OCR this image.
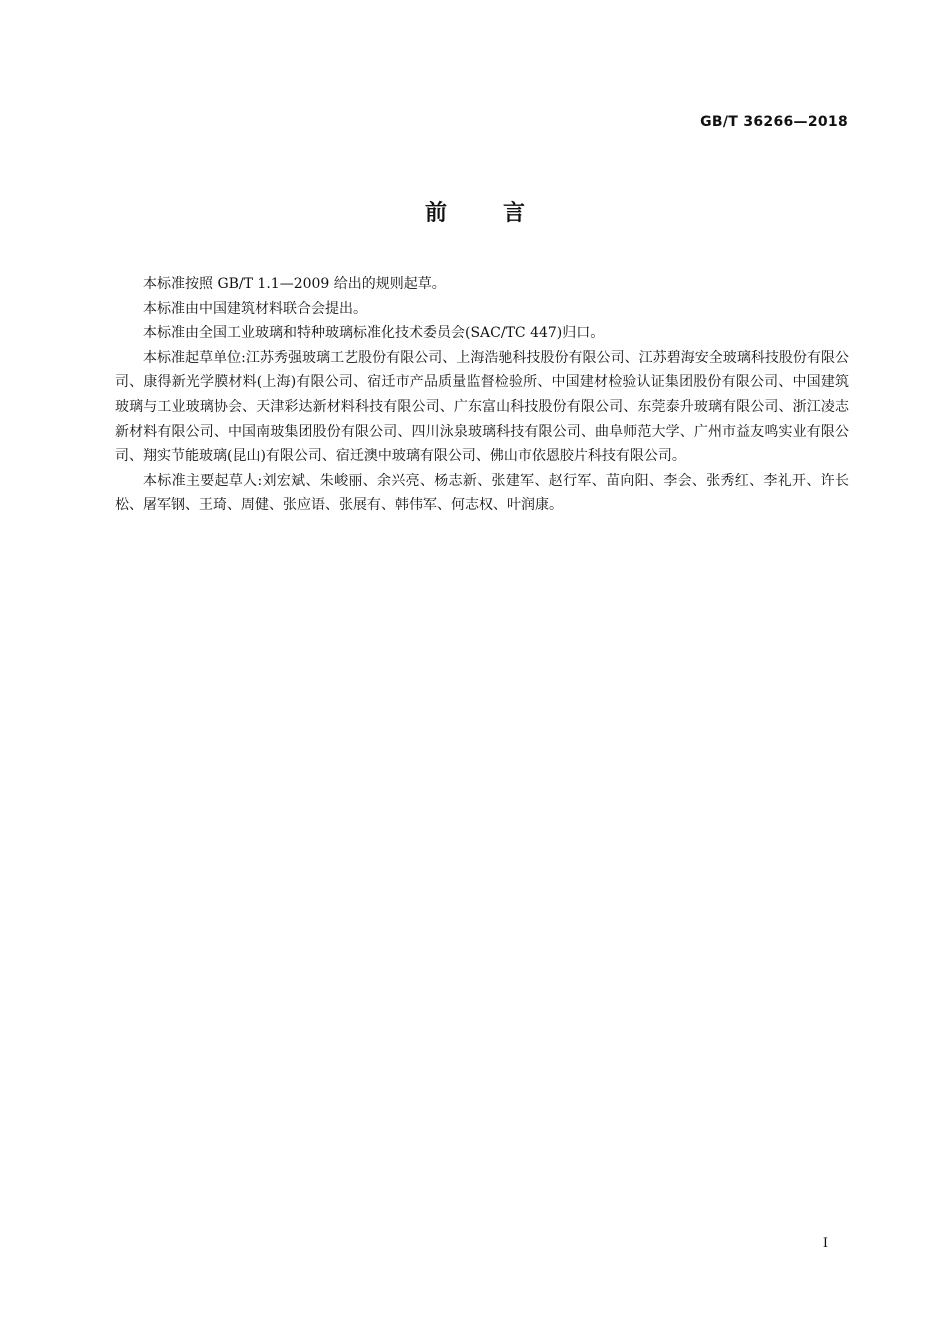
GB/T 36266—2018
前言

本标准按照 GB/T 1.1—2009 给出的规则起草。

本标准由中国建筑材料联合会提出。

本标准由全国工业玻璃和特种玻璃标准化技术委员会(SAC/TC 447)归口。

本标准起草单位:江苏秀强玻璃工艺股份有限公司、上海浩驰科技股份有限公司、江苏碧海安全玻璃科技股份有限公司、康得新光学膜材料(上海)有限公司、宿迁市产品质量监督检验所、中国建材检验认证集团股份有限公司、中国建筑玻璃与工业玻璃协会、天津彩达新材料科技有限公司、广东富山科技股份有限公司、东莞泰升玻璃有限公司、浙江凌志新材料有限公司、中国南玻集团股份有限公司、四川泳泉玻璃科技有限公司、曲阜师范大学、广州市益友鸣实业有限公司、翔实节能玻璃(昆山)有限公司、宿迁澳中玻璃有限公司、佛山市依恩胶片科技有限公司。

本标准主要起草人:刘宏斌、朱峻丽、余兴亮、杨志新、张建军、赵行军、苗向阳、李会、张秀红、李礼开、许长松、屠军钢、王琦、周健、张应语、张展有、韩伟军、何志权、叶润康。

I
